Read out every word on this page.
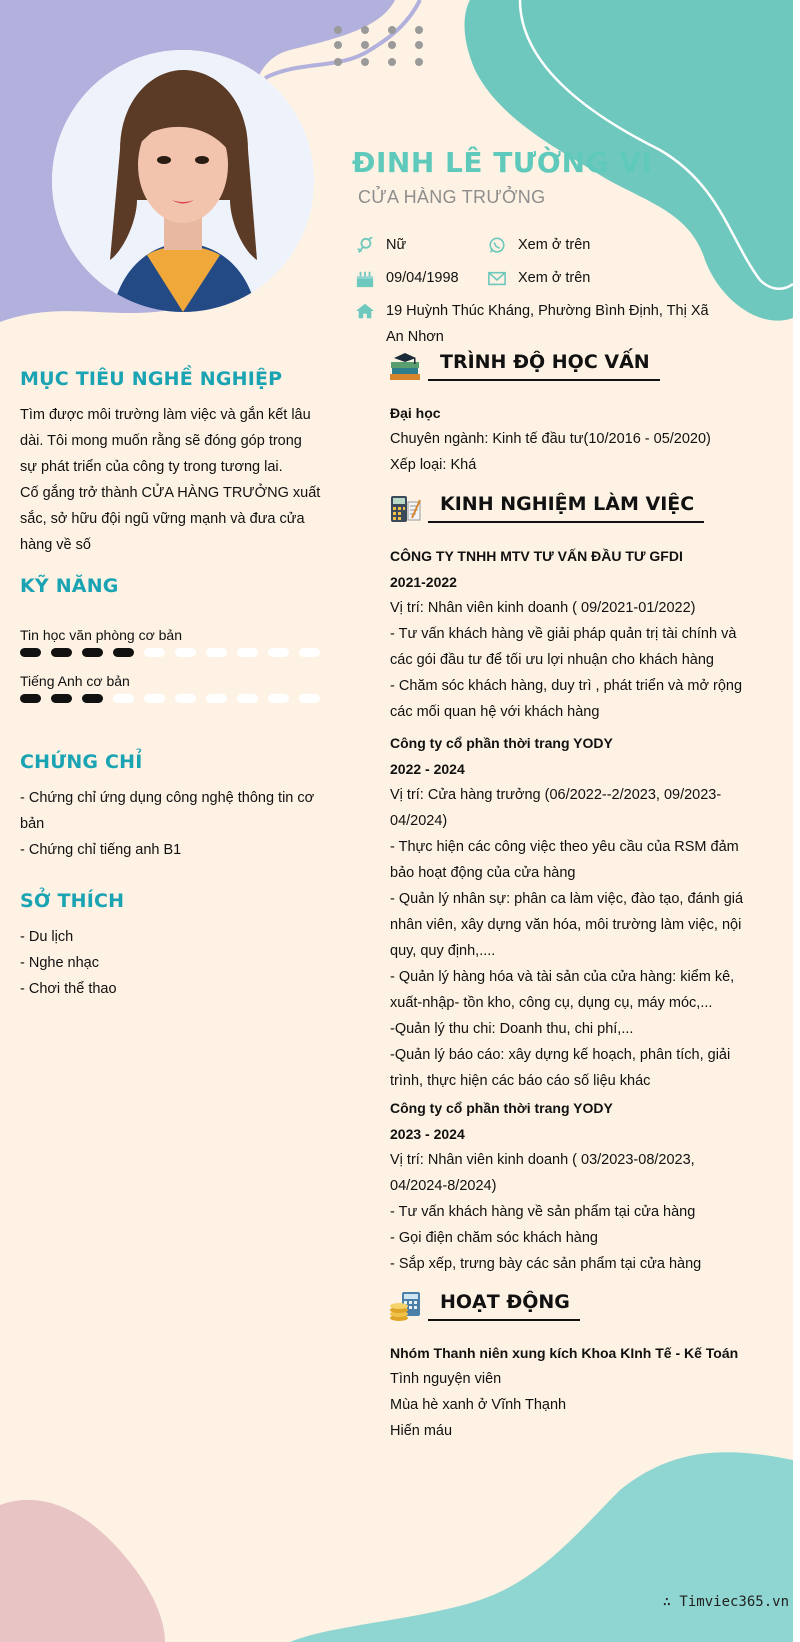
ĐINH LÊ TƯỜNG VI
CỬA HÀNG TRƯỞNG
Nữ	Xem ở trên
09/04/1998	Xem ở trên
19 Huỳnh Thúc Kháng, Phường Bình Định, Thị Xã
An Nhơn
MỤC TIÊU NGHỀ NGHIỆP
Tìm được môi trường làm việc và gắn kết lâu
dài. Tôi mong muốn rằng sẽ đóng góp trong
sự phát triển của công ty trong tương lai.
Cố gắng trở thành CỬA HÀNG TRƯỞNG xuất
sắc, sở hữu đội ngũ vững mạnh và đưa cửa
hàng về số
KỸ NĂNG
Tin học văn phòng cơ bản
Tiếng Anh cơ bản
CHỨNG CHỈ
- Chứng chỉ ứng dụng công nghệ thông tin cơ
bản
- Chứng chỉ tiếng anh B1
SỞ THÍCH
- Du lịch
- Nghe nhạc
- Chơi thể thao
TRÌNH ĐỘ HỌC VẤN
Đại học
Chuyên ngành: Kinh tế đầu tư(10/2016 - 05/2020)
Xếp loại: Khá
KINH NGHIỆM LÀM VIỆC
CÔNG TY TNHH MTV TƯ VẤN ĐẦU TƯ GFDI
2021-2022
Vị trí: Nhân viên kinh doanh ( 09/2021-01/2022)
- Tư vấn khách hàng về giải pháp quản trị tài chính và
các gói đầu tư để tối ưu lợi nhuận cho khách hàng
- Chăm sóc khách hàng, duy trì , phát triển và mở rộng
các mối quan hệ với khách hàng
Công ty cổ phần thời trang YODY
2022 - 2024
Vị trí: Cửa hàng trưởng (06/2022--2/2023, 09/2023-
04/2024)
- Thực hiện các công việc theo yêu cầu của RSM đảm
bảo hoạt động của cửa hàng
- Quản lý nhân sự: phân ca làm việc, đào tạo, đánh giá
nhân viên, xây dựng văn hóa, môi trường làm việc, nội
quy, quy định,....
- Quản lý hàng hóa và tài sản của cửa hàng: kiểm kê,
xuất-nhập- tồn kho, công cụ, dụng cụ, máy móc,...
-Quản lý thu chi: Doanh thu, chi phí,...
-Quản lý báo cáo: xây dựng kế hoạch, phân tích, giải
trình, thực hiện các báo cáo số liệu khác
Công ty cổ phần thời trang YODY
2023 - 2024
Vị trí: Nhân viên kinh doanh ( 03/2023-08/2023,
04/2024-8/2024)
- Tư vấn khách hàng về sản phẩm tại cửa hàng
- Gọi điện chăm sóc khách hàng
- Sắp xếp, trưng bày các sản phẩm tại cửa hàng
HOẠT ĐỘNG
Nhóm Thanh niên xung kích Khoa KInh Tế - Kế Toán
Tình nguyện viên
Mùa hè xanh ở Vĩnh Thạnh
Hiến máu
∴ Timviec365.vn
